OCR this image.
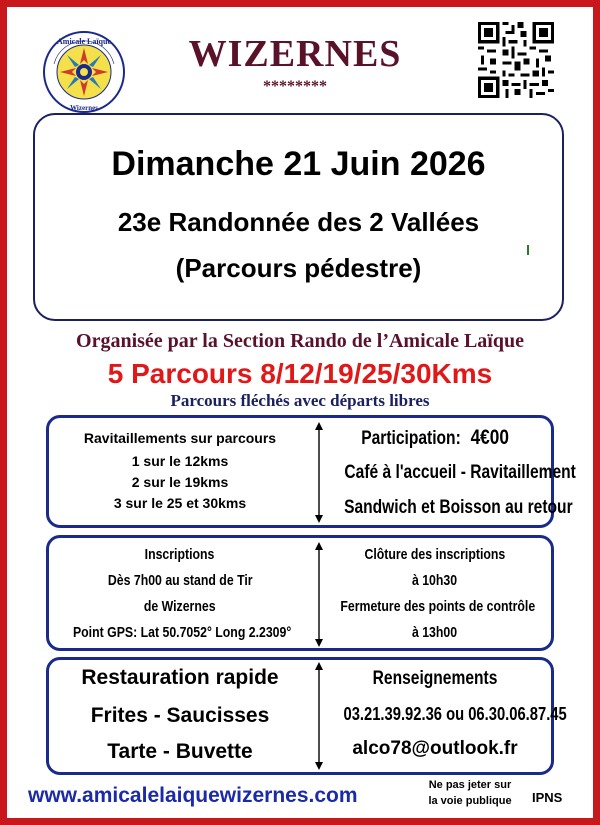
Amicale Laïque
Wizernes
WIZERNES
********
Dimanche 21 Juin 2026
23e Randonnée des 2 Vallées
(Parcours pédestre)
Organisée par la Section Rando de l’Amicale Laïque
5 Parcours 8/12/19/25/30Kms
Parcours fléchés avec départs libres
Ravitaillements sur parcours
1 sur le 12kms
2 sur le 19kms
3 sur le 25 et 30kms
Participation: 4€00
Café à l'accueil - Ravitaillement
Sandwich et Boisson au retour
Inscriptions
Dès 7h00 au stand de Tir
de Wizernes
Point GPS: Lat 50.7052° Long 2.2309°
Clôture des inscriptions
à 10h30
Fermeture des points de contrôle
à 13h00
Restauration rapide
Frites - Saucisses
Tarte - Buvette
Renseignements
03.21.39.92.36 ou 06.30.06.87.45
alco78@outlook.fr
www.amicalelaiquewizernes.com	Ne pas jeter sur
la voie publique	IPNS
